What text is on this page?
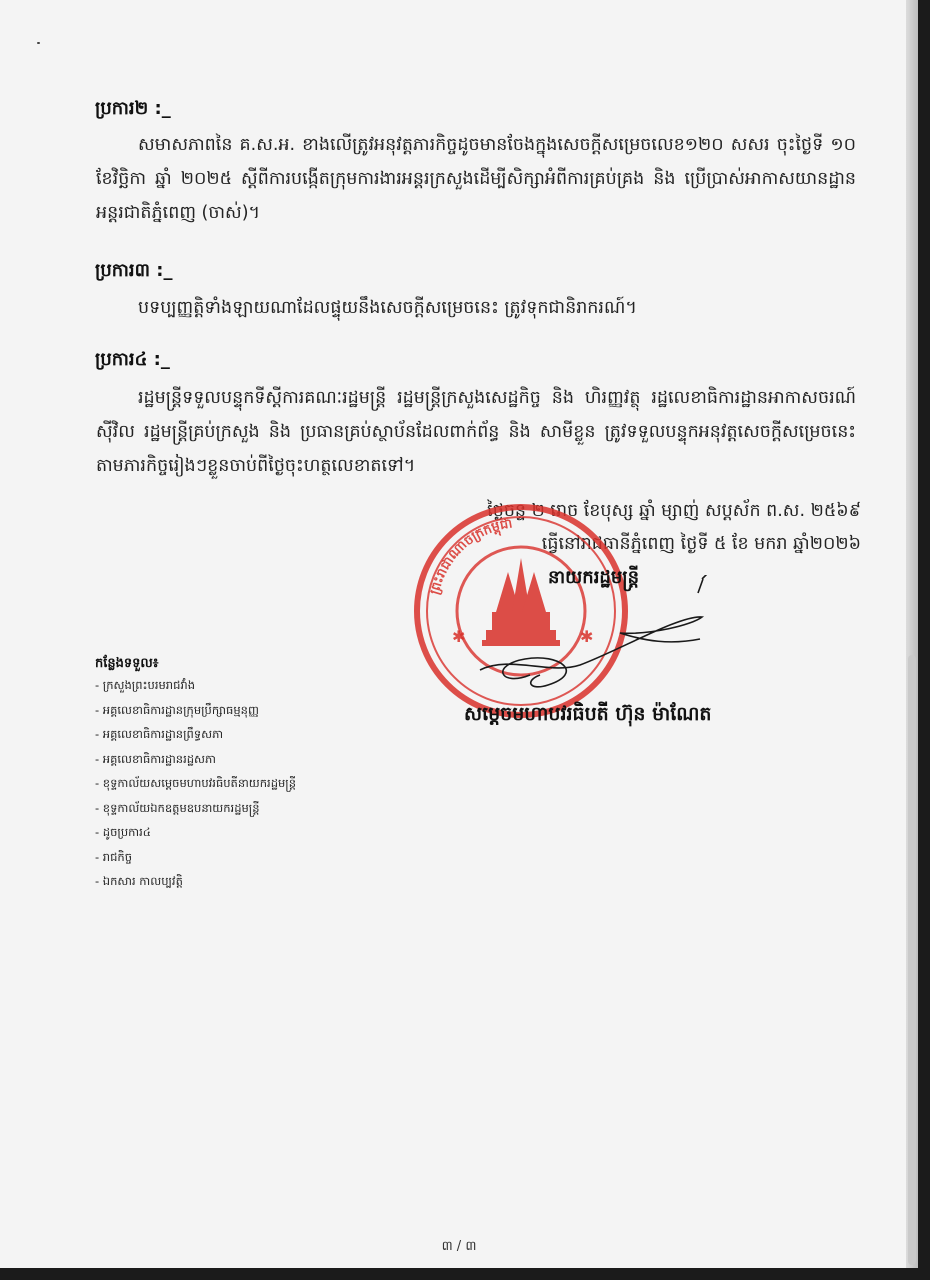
ប្រការ២ :_

សមាសភាពនៃ គ.ស.អ. ខាងលើត្រូវអនុវត្តភារកិច្ចដូចមានចែងក្នុងសេចក្តីសម្រេចលេខ១២០ សសរ ចុះថ្ងៃទី ១០ ខែវិច្ឆិកា ឆ្នាំ ២០២៥ ស្តីពីការបង្កើតក្រុមការងារអន្តរក្រសួងដើម្បីសិក្សាអំពីការគ្រប់គ្រង និង ប្រើប្រាស់អាកាសយានដ្ឋានអន្តរជាតិភ្នំពេញ (ចាស់)។

ប្រការ៣ :_

បទប្បញ្ញត្តិទាំងឡាយណាដែលផ្ទុយនឹងសេចក្តីសម្រេចនេះ ត្រូវទុកជានិរាករណ៍។

ប្រការ៤ :_

រដ្ឋមន្ត្រីទទួលបន្ទុកទីស្តីការគណៈរដ្ឋមន្ត្រី រដ្ឋមន្ត្រីក្រសួងសេដ្ឋកិច្ច និង ហិរញ្ញវត្ថុ រដ្ឋលេខាធិការដ្ឋានអាកាសចរណ៍ស៊ីវិល រដ្ឋមន្ត្រីគ្រប់ក្រសួង និង ប្រធានគ្រប់ស្ថាប័នដែលពាក់ព័ន្ធ និង សាមីខ្លួន ត្រូវទទួលបន្ទុកអនុវត្តសេចក្តីសម្រេចនេះ តាមភារកិច្ចរៀងៗខ្លួនចាប់ពីថ្ងៃចុះហត្ថលេខាតទៅ។

ថ្ងៃចន្ទ ២ រោច ខែបុស្ស ឆ្នាំ ម្សាញ់ សប្តស័ក ព.ស. ២៥៦៩
ធ្វើនៅរាជធានីភ្នំពេញ ថ្ងៃទី ៥ ខែ មករា ឆ្នាំ២០២៦
ព្រះរាជាណាចក្រកម្ពុជា
✱	✱
នាយករដ្ឋមន្ត្រី
សម្តេចមហាបវរធិបតី ហ៊ុន ម៉ាណែត
កន្លែងទទួល៖
- ក្រសួងព្រះបរមរាជវាំង
- អគ្គលេខាធិការដ្ឋានក្រុមប្រឹក្សាធម្មនុញ្ញ
- អគ្គលេខាធិការដ្ឋានព្រឹទ្ធសភា
- អគ្គលេខាធិការដ្ឋានរដ្ឋសភា
- ខុទ្ទកាល័យសម្តេចមហាបវរធិបតីនាយករដ្ឋមន្ត្រី
- ខុទ្ទកាល័យឯកឧត្តមឧបនាយករដ្ឋមន្ត្រី
- ដូចប្រការ៤
- រាជកិច្ច
- ឯកសារ កាលប្បវត្តិ
៣ / ៣
